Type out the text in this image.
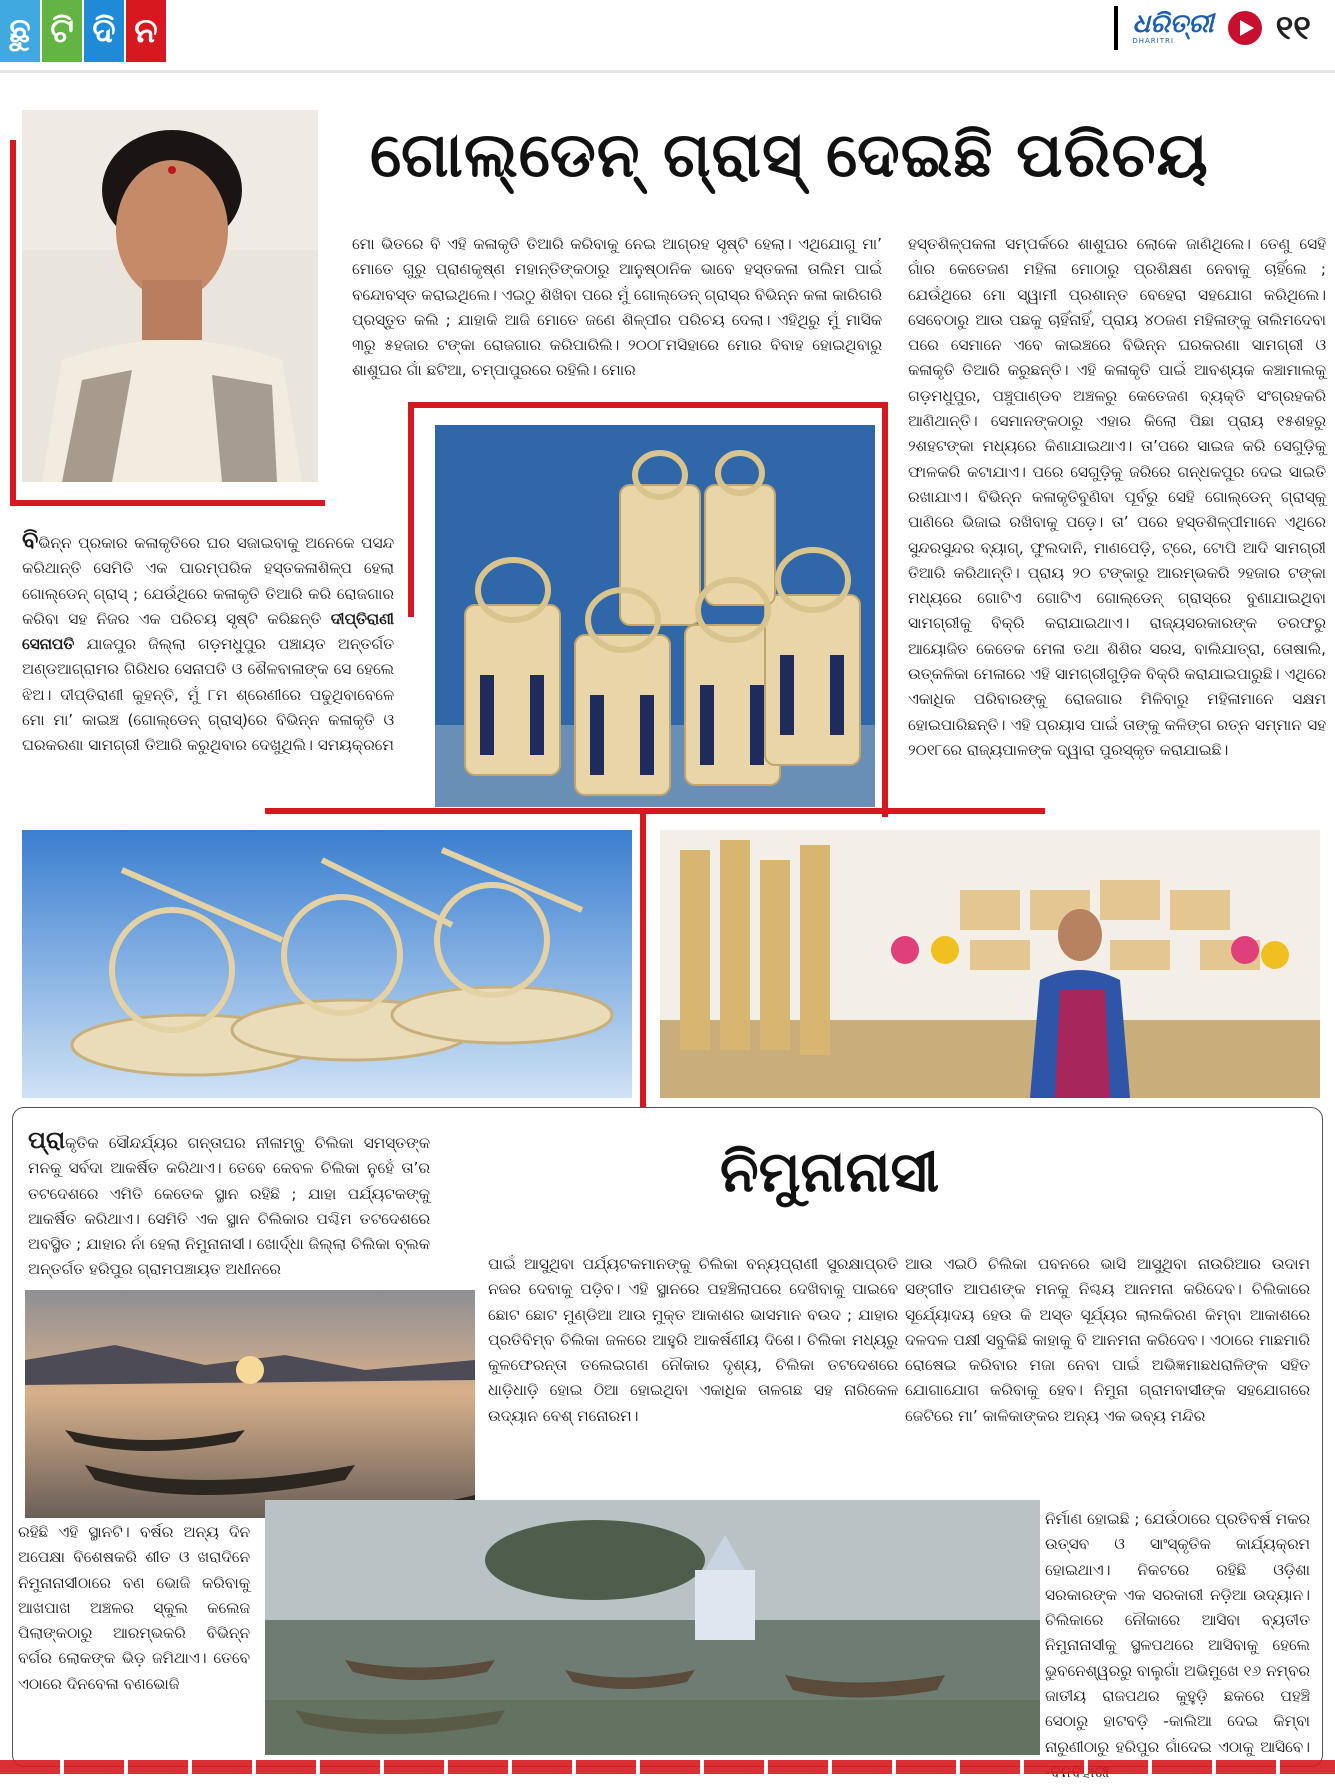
ଛୁ ଟି ଦି ନ	ଧରିତ୍ରୀ
DHARITRI	୧୧
ଗୋଲ୍ଡେନ୍ ଗ୍ରାସ୍ ଦେଇଛି ପରିଚୟ
ବିଭିନ୍ନ ପ୍ରକାର କଳାକୃତିରେ ଘର ସଜାଇବାକୁ ଅନେକେ ପସନ୍ଦ କରିଥାନ୍ତି ସେମିତି ଏକ ପାରମ୍ପରିକ ହସ୍ତକଳାଶିଳ୍ପ ହେଲା ଗୋଲ୍ଡେନ୍ ଗ୍ରାସ୍ ; ଯେଉଁଥିରେ କଳାକୃତି ତିଆରି କରି ରୋଜଗାର କରିବା ସହ ନିଜର ଏକ ପରିଚୟ ସୃଷ୍ଟି କରିଛନ୍ତି ଦୀପ୍ତିରାଣୀ ସେନାପତି ଯାଜପୁର ଜିଲ୍ଲା ଗଡ଼ମଧୁପୁର ପଞ୍ଚାୟତ ଅନ୍ତର୍ଗତ ଅଣ୍ଡଆଗ୍ରାମର ଗିରିଧର ସେନାପତି ଓ ଶୈଳବାଳାଙ୍କ ସେ ହେଲେ ଝିଅ। ଦୀପ୍ତିରାଣୀ କୁହନ୍ତି, ମୁଁ ୮ମ ଶ୍ରେଣୀରେ ପଢୁଥିବାବେଳେ ମୋ ମା’ କାଇଞ୍ଚ (ଗୋଲ୍ଡେନ୍ ଗ୍ରାସ୍)ରେ ବିଭିନ୍ନ କଳାକୃତି ଓ ଘରକରଣା ସାମଗ୍ରୀ ତିଆରି କରୁଥିବାର ଦେଖୁଥିଲି। ସମୟକ୍ରମେ
ମୋ ଭିତରେ ବି ଏହି କଳାକୃତି ତିଆରି କରିବାକୁ ନେଇ ଆଗ୍ରହ ସୃଷ୍ଟି ହେଲା। ଏଥିଯୋଗୁ ମା’ ମୋତେ ଗୁରୁ ପ୍ରାଣକୃଷ୍ଣ ମହାନ୍ତିଙ୍କଠାରୁ ଆନୁଷ୍ଠାନିକ ଭାବେ ହସ୍ତକଳା ତାଲିମ ପାଇଁ ବନ୍ଦୋବସ୍ତ କରାଇଥିଲେ। ଏଇଠୁ ଶିଖିବା ପରେ ମୁଁ ଗୋଲ୍ଡେନ୍ ଗ୍ରାସ୍‌ର ବିଭିନ୍ନ କଳା କାରିଗରି ପ୍ରସ୍ତୁତ କଲି ; ଯାହାକି ଆଜି ମୋତେ ଜଣେ ଶିଳ୍ପୀର ପରିଚୟ ଦେଲା। ଏହିଥିରୁ ମୁଁ ମାସିକ ୩ରୁ ୫ହଜାର ଟଙ୍କା ରୋଜଗାର କରିପାରିଲି। ୨୦୦୮ମସିହାରେ ମୋର ବିବାହ ହୋଇଥିବାରୁ ଶାଶୁଘର ଗାଁ ଛଟିଆ, ଚମ୍ପାପୁରରେ ରହିଲି। ମୋର
ହସ୍ତଶିଳ୍ପକଳା ସମ୍ପର୍କରେ ଶାଶୁଘର ଲୋକେ ଜାଣିଥିଲେ। ତେଣୁ ସେହି ଗାଁର କେତେଜଣ ମହିଳା ମୋଠାରୁ ପ୍ରଶିକ୍ଷଣ ନେବାକୁ ଚାହିଁଲେ ; ଯେଉଁଥିରେ ମୋ ସ୍ୱାମୀ ପ୍ରଶାନ୍ତ ବେହେରା ସହଯୋଗ କରିଥିଲେ। ସେବେଠାରୁ ଆଉ ପଛକୁ ଚାହିଁନାହିଁ, ପ୍ରାୟ ୪୦ଜଣ ମହିଳାଙ୍କୁ ତାଲିମଦେବା ପରେ ସେମାନେ ଏବେ କାଇଞ୍ଚରେ ବିଭିନ୍ନ ଘରକରଣା ସାମଗ୍ରୀ ଓ କଳାକୃତି ତିଆରି କରୁଛନ୍ତି। ଏହି କଳାକୃତି ପାଇଁ ଆବଶ୍ୟକ କଞ୍ଚାମାଲକୁ ଗଡ଼ମଧୁପୁର, ପଞ୍ଚୁପାଣ୍ଡବ ଅଞ୍ଚଳରୁ କେତେଜଣ ବ୍ୟକ୍ତି ସଂଗ୍ରହକରି ଆଣିଥାନ୍ତି। ସେମାନଙ୍କଠାରୁ ଏହାର କିଲୋ ପିଛା ପ୍ରାୟ ୧୫ଶହରୁ ୨ଶହଟଙ୍କା ମଧ୍ୟରେ କିଣାଯାଇଥାଏ। ତା’ପରେ ସାଇଜ କରି ସେଗୁଡ଼ିକୁ ଫାଳକରି କଟାଯାଏ। ପରେ ସେଗୁଡ଼ିକୁ ଜରିରେ ଗନ୍ଧକପୁର ଦେଇ ସାଇତି ରଖାଯାଏ। ବିଭିନ୍ନ କଳାକୃତିବୁଣିବା ପୂର୍ବରୁ ସେହି ଗୋଲ୍ଡେନ୍ ଗ୍ରାସ୍‌କୁ ପାଣିରେ ଭିଜାଇ ରଖିବାକୁ ପଡ଼େ। ତା’ ପରେ ହସ୍ତଶିଳ୍ପୀମାନେ ଏଥିରେ ସୁନ୍ଦରସୁନ୍ଦର ବ୍ୟାଗ୍, ଫୁଲଦାନି, ମାଣପେଡ଼ି, ଟ୍ରେ, ଟୋପି ଆଦି ସାମଗ୍ରୀ ତିଆରି କରିଥାନ୍ତି। ପ୍ରାୟ ୨୦ ଟଙ୍କାରୁ ଆରମ୍ଭକରି ୨ହଜାର ଟଙ୍କା ମଧ୍ୟରେ ଗୋଟିଏ ଗୋଟିଏ ଗୋଲ୍ଡେନ୍ ଗ୍ରାସ୍‌ରେ ବୁଣାଯାଇଥିବା ସାମଗ୍ରୀକୁ ବିକ୍ରି କରାଯାଇଥାଏ। ରାଜ୍ୟସରକାରଙ୍କ ତରଫରୁ ଆୟୋଜିତ କେତେକ ମେଳା ତଥା ଶିଶିର ସରସ, ବାଲିଯାତ୍ରା, ତୋଷାଲି, ଉତ୍କଳିକା ମେଳାରେ ଏହି ସାମଗ୍ରୀଗୁଡ଼ିକ ବିକ୍ରି କରାଯାଇପାରୁଛି। ଏଥିରେ ଏକାଧିକ ପରିବାରଙ୍କୁ ରୋଜଗାର ମିଳିବାରୁ ମହିଳାମାନେ ସକ୍ଷମ ହୋଇପାରିଛନ୍ତି। ଏହି ପ୍ରୟାସ ପାଇଁ ତାଙ୍କୁ କଳିଙ୍ଗ ରତ୍ନ ସମ୍ମାନ ସହ ୨୦୧୮ରେ ରାଜ୍ୟପାଳଙ୍କ ଦ୍ୱାରା ପୁରସ୍କୃତ କରାଯାଇଛି।
ନିମୁନାନାସୀ
ପ୍ରାକୃତିକ ସୌନ୍ଦର୍ଯ୍ୟର ଗନ୍ତାଘର ନୀଳାମ୍ବୁ ଚିଲିକା ସମସ୍ତଙ୍କ ମନକୁ ସର୍ବଦା ଆକର୍ଷିତ କରିଥାଏ। ତେବେ କେବଳ ଚିଲିକା ନୁହେଁ ତା’ର ତଟଦେଶରେ ଏମିତି କେତେକ ସ୍ଥାନ ରହିଛି ; ଯାହା ପର୍ଯ୍ୟଟକଙ୍କୁ ଆକର୍ଷିତ କରିଥାଏ। ସେମିତି ଏକ ସ୍ଥାନ ଚିଲିକାର ପଶ୍ଚିମ ତଟଦେଶରେ ଅବସ୍ଥିତ ; ଯାହାର ନାଁ ହେଲା ନିମୁନାନାସୀ। ଖୋର୍ଦ୍ଧା ଜିଲ୍ଲା ଚିଲିକା ବ୍ଲକ ଅନ୍ତର୍ଗତ ହରିପୁର ଗ୍ରାମପଞ୍ଚାୟତ ଅଧୀନରେ
ରହିଛି ଏହି ସ୍ଥାନଟି। ବର୍ଷର ଅନ୍ୟ ଦିନ ଅପେକ୍ଷା ବିଶେଷକରି ଶୀତ ଓ ଖରାଦିନେ ନିମୁନାନାସୀଠାରେ ବଣ ଭୋଜି କରିବାକୁ ଆଖପାଖ ଅଞ୍ଚଳର ସ୍କୁଲ କଲେଜ ପିଲାଙ୍କଠାରୁ ଆରମ୍ଭକରି ବିଭିନ୍ନ ବର୍ଗର ଲୋକଙ୍କ ଭିଡ଼ ଜମିଥାଏ। ତେବେ ଏଠାରେ ଦିନବେଳା ବଣଭୋଜି
ପାଇଁ ଆସୁଥିବା ପର୍ଯ୍ୟଟକମାନଙ୍କୁ ଚିଲିକା ବନ୍ୟପ୍ରାଣୀ ସୁରକ୍ଷାପ୍ରତି ନଜର ଦେବାକୁ ପଡ଼ିବ। ଏହି ସ୍ଥାନରେ ପହଞ୍ଚିଲାପରେ ଦେଖିବାକୁ ପାଇବେ ଛୋଟ ଛୋଟ ମୁଣ୍ଡିଆ ଆଉ ମୁକ୍ତ ଆକାଶର ଭାସମାନ ବଉଦ ; ଯାହାର ପ୍ରତିବିମ୍ବ ଚିଲିକା ଜଳରେ ଆହୁରି ଆକର୍ଷଣୀୟ ଦିଶେ। ଚିଲିକା ମଧ୍ୟରୁ କୁଳଫେରନ୍ତା ତଲେଇଗଣ ନୌକାର ଦୃଶ୍ୟ, ଚିଲିକା ତଟଦେଶରେ ଧାଡ଼ିଧାଡ଼ି ହୋଇ ଠିଆ ହୋଇଥିବା ଏକାଧିକ ତାଳଗଛ ସହ ନାରିକେଳ ଉଦ୍ୟାନ ବେଶ୍ ମନୋରମ।
ଆଉ ଏଇଠି ଚିଲିକା ପବନରେ ଭାସି ଆସୁଥିବା ନାଉରିଆର ଉଦାମ ସଙ୍ଗୀତ ଆପଣଙ୍କ ମନକୁ ନିଶ୍ଚୟ ଆନମନା କରିଦେବ। ଚିଲିକାରେ ସୂର୍ଯ୍ୟୋଦୟ ହେଉ କି ଅସ୍ତ ସୂର୍ଯ୍ୟର ଲାଲକିରଣ କିମ୍ବା ଆକାଶରେ ଦଳଦଳ ପକ୍ଷୀ ସବୁକିଛି କାହାକୁ ବି ଆନମନା କରିଦେବ। ଏଠାରେ ମାଛମାରି ରୋଷେଇ କରିବାର ମଜା ନେବା ପାଇଁ ଅଭିଜ୍ଞମାଛଧରାଳିଙ୍କ ସହିତ ଯୋଗାଯୋଗ କରିବାକୁ ହେବ। ନିମୁନା ଗ୍ରାମବାସୀଙ୍କ ସହଯୋଗରେ ଜେଟିରେ ମା’ କାଳିକାଙ୍କର ଅନ୍ୟ ଏକ ଭବ୍ୟ ମନ୍ଦିର
ନିର୍ମାଣ ହୋଇଛି ; ଯେଉଁଠାରେ ପ୍ରତିବର୍ଷ ମକର ଉତ୍ସବ ଓ ସାଂସ୍କୃତିକ କାର୍ଯ୍ୟକ୍ରମ ହୋଇଥାଏ। ନିକଟରେ ରହିଛି ଓଡ଼ିଶା ସରକାରଙ୍କ ଏକ ସରକାରୀ ନଡ଼ିଆ ଉଦ୍ୟାନ। ଚିଲିକାରେ ନୌକାରେ ଆସିବା ବ୍ୟତୀତ ନିମୁନାନାସୀକୁ ସ୍ଥଳପଥରେ ଆସିବାକୁ ହେଲେ ଭୁବନେଶ୍ୱରରୁ ବାଲୁଗାଁ ଅଭିମୁଖେ ୧୬ ନମ୍ବର ଜାତୀୟ ରାଜପଥର କୁହୁଡ଼ି ଛକରେ ପହଞ୍ଚି ସେଠାରୁ ହାଟବଡ଼ି -କାଲିଆ ଦେଇ କିମ୍ବା ନାରୁଣୀଠାରୁ ହରିପୁର ଗାଁଦେଇ ଏଠାକୁ ଆସିବେ।
